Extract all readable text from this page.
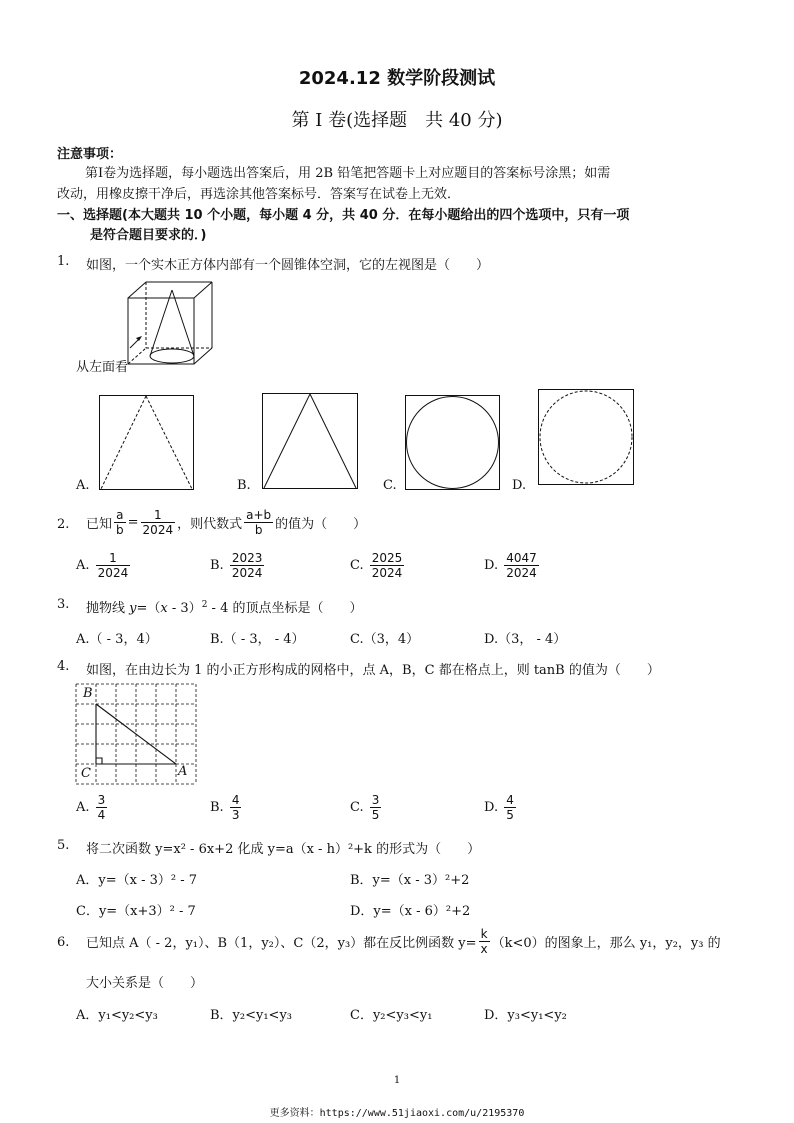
2024.12 数学阶段测试
第 I 卷(选择题　共 40 分)
注意事项：
第Ⅰ卷为选择题，每小题选出答案后，用 2B 铅笔把答题卡上对应题目的答案标号涂黑；如需
改动，用橡皮擦干净后，再选涂其他答案标号．答案写在试卷上无效．
一、选择题(本大题共 10 个小题，每小题 4 分，共 40 分．在每小题给出的四个选项中，只有一项
是符合题目要求的．)
1. 如图，一个实木正方体内部有一个圆锥体空洞，它的左视图是（　　）
从左面看
A.	B.	C.	D.
2. 已知 $\frac{a}{b} = \frac{1}{2024}$ ，则代数式 $\frac{a+b}{b}$ 的值为（　　）
A. $\frac{1}{2024}$	B. $\frac{2023}{2024}$	C. $\frac{2025}{2024}$	D. $\frac{4047}{2024}$
3. 抛物线 y=（x - 3）$^2$ - 4 的顶点坐标是（　　）
A.（ - 3，4）	B.（ - 3， - 4）	C.（3，4）	D.（3， - 4）
4. 如图，在由边长为 1 的小正方形构成的网格中，点 A，B，C 都在格点上，则 tanB 的值为（　　）
B
C	A
A. $\frac{3}{4}$	B. $\frac{4}{3}$	C. $\frac{3}{5}$	D. $\frac{4}{5}$
5. 将二次函数 y=x² - 6x+2 化成 y=a（x - h）²+k 的形式为（　　）
A．y=（x - 3）² - 7	B．y=（x - 3）²+2
C．y=（x+3）² - 7	D．y=（x - 6）²+2
6. 已知点 A（ - 2，y₁）、B（1，y₂）、C（2，y₃）都在反比例函数 $y= \frac{k}{x} (k<0)$的图象上，那么 y₁，y₂，y₃ 的
大小关系是（　　）
A．y₁<y₂<y₃	B．y₂<y₁<y₃	C．y₂<y₃<y₁	D．y₃<y₁<y₂
1
更多资料：https://www.51jiaoxi.com/u/2195370
